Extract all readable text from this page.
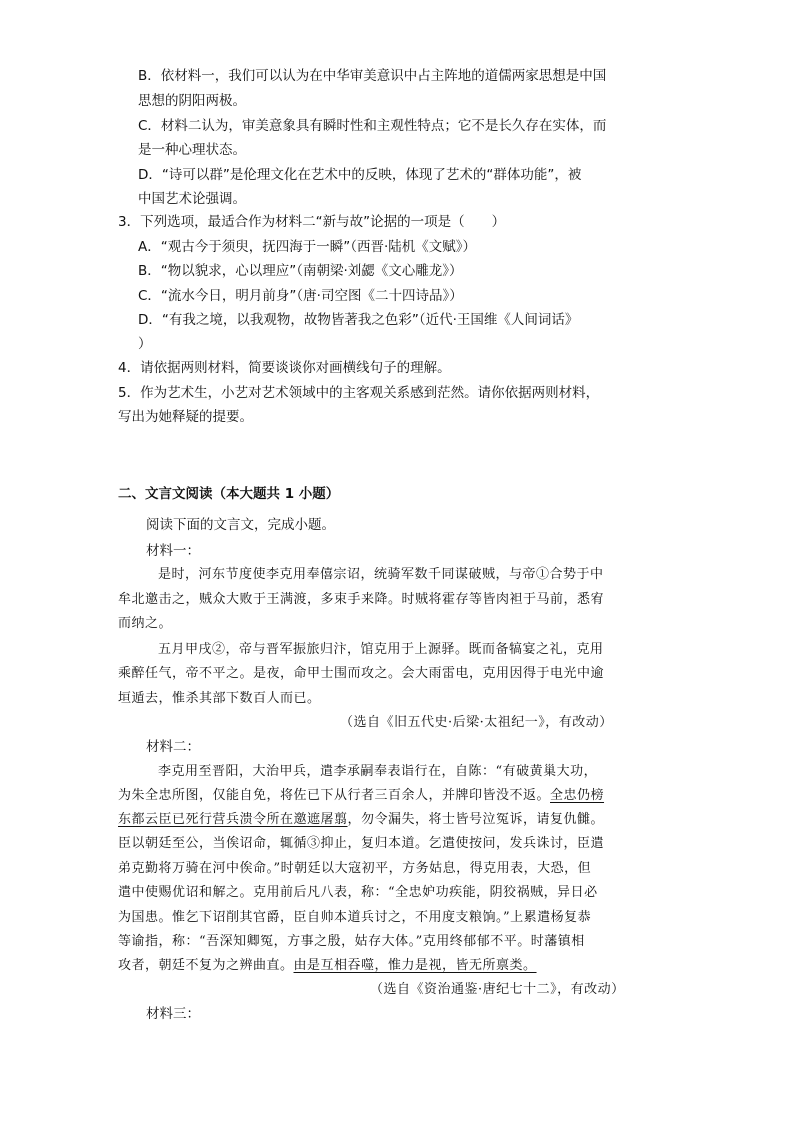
B．依材料一，我们可以认为在中华审美意识中占主阵地的道儒两家思想是中国
思想的阴阳两极。
C．材料二认为，审美意象具有瞬时性和主观性特点；它不是长久存在实体，而
是一种心理状态。
D．“诗可以群”是伦理文化在艺术中的反映，体现了艺术的“群体功能”，被
中国艺术论强调。
3．下列选项，最适合作为材料二“新与故”论据的一项是（　　）
A．“观古今于须臾，抚四海于一瞬”（西晋·陆机《文赋》）
B．“物以貌求，心以理应”（南朝梁·刘勰《文心雕龙》）
C．“流水今日，明月前身”（唐·司空图《二十四诗品》）
D．“有我之境，以我观物，故物皆著我之色彩”（近代·王国维《人间词话》
）
4．请依据两则材料，简要谈谈你对画横线句子的理解。
5．作为艺术生，小艺对艺术领域中的主客观关系感到茫然。请你依据两则材料，
写出为她释疑的提要。
二、文言文阅读（本大题共 1 小题）
阅读下面的文言文，完成小题。
材料一：
是时，河东节度使李克用奉僖宗诏，统骑军数千同谋破贼，与帝①合势于中
牟北邀击之，贼众大败于王满渡，多束手来降。时贼将霍存等皆肉袒于马前，悉宥
而纳之。
五月甲戌②，帝与晋军振旅归汴，馆克用于上源驿。既而备犒宴之礼，克用
乘醉任气，帝不平之。是夜，命甲士围而攻之。会大雨雷电，克用因得于电光中逾
垣遁去，惟杀其部下数百人而已。
（选自《旧五代史·后梁·太祖纪一》，有改动）
材料二：
李克用至晋阳，大治甲兵，遣李承嗣奉表诣行在，自陈：“有破黄巢大功，
为朱全忠所图，仅能自免，将佐已下从行者三百余人，并牌印皆没不返。全忠仍榜
东都云臣已死行营兵溃令所在邀遮屠翦，勿令漏失，将士皆号泣冤诉，请复仇雠。
臣以朝廷至公，当俟诏命，辄循③抑止，复归本道。乞遣使按问，发兵诛讨，臣遣
弟克勤将万骑在河中俟命。”时朝廷以大寇初平，方务姑息，得克用表，大恐，但
遣中使赐优诏和解之。克用前后凡八表，称：“全忠妒功疾能，阴狡祸贼，异日必
为国患。惟乞下诏削其官爵，臣自帅本道兵讨之，不用度支粮饷。”上累遣杨复恭
等谕指，称：“吾深知卿冤，方事之殷，姑存大体。”克用终郁郁不平。时藩镇相
攻者，朝廷不复为之辨曲直。由是互相吞噬，惟力是视，皆无所禀类。
（选自《资治通鉴·唐纪七十二》，有改动）
材料三：
